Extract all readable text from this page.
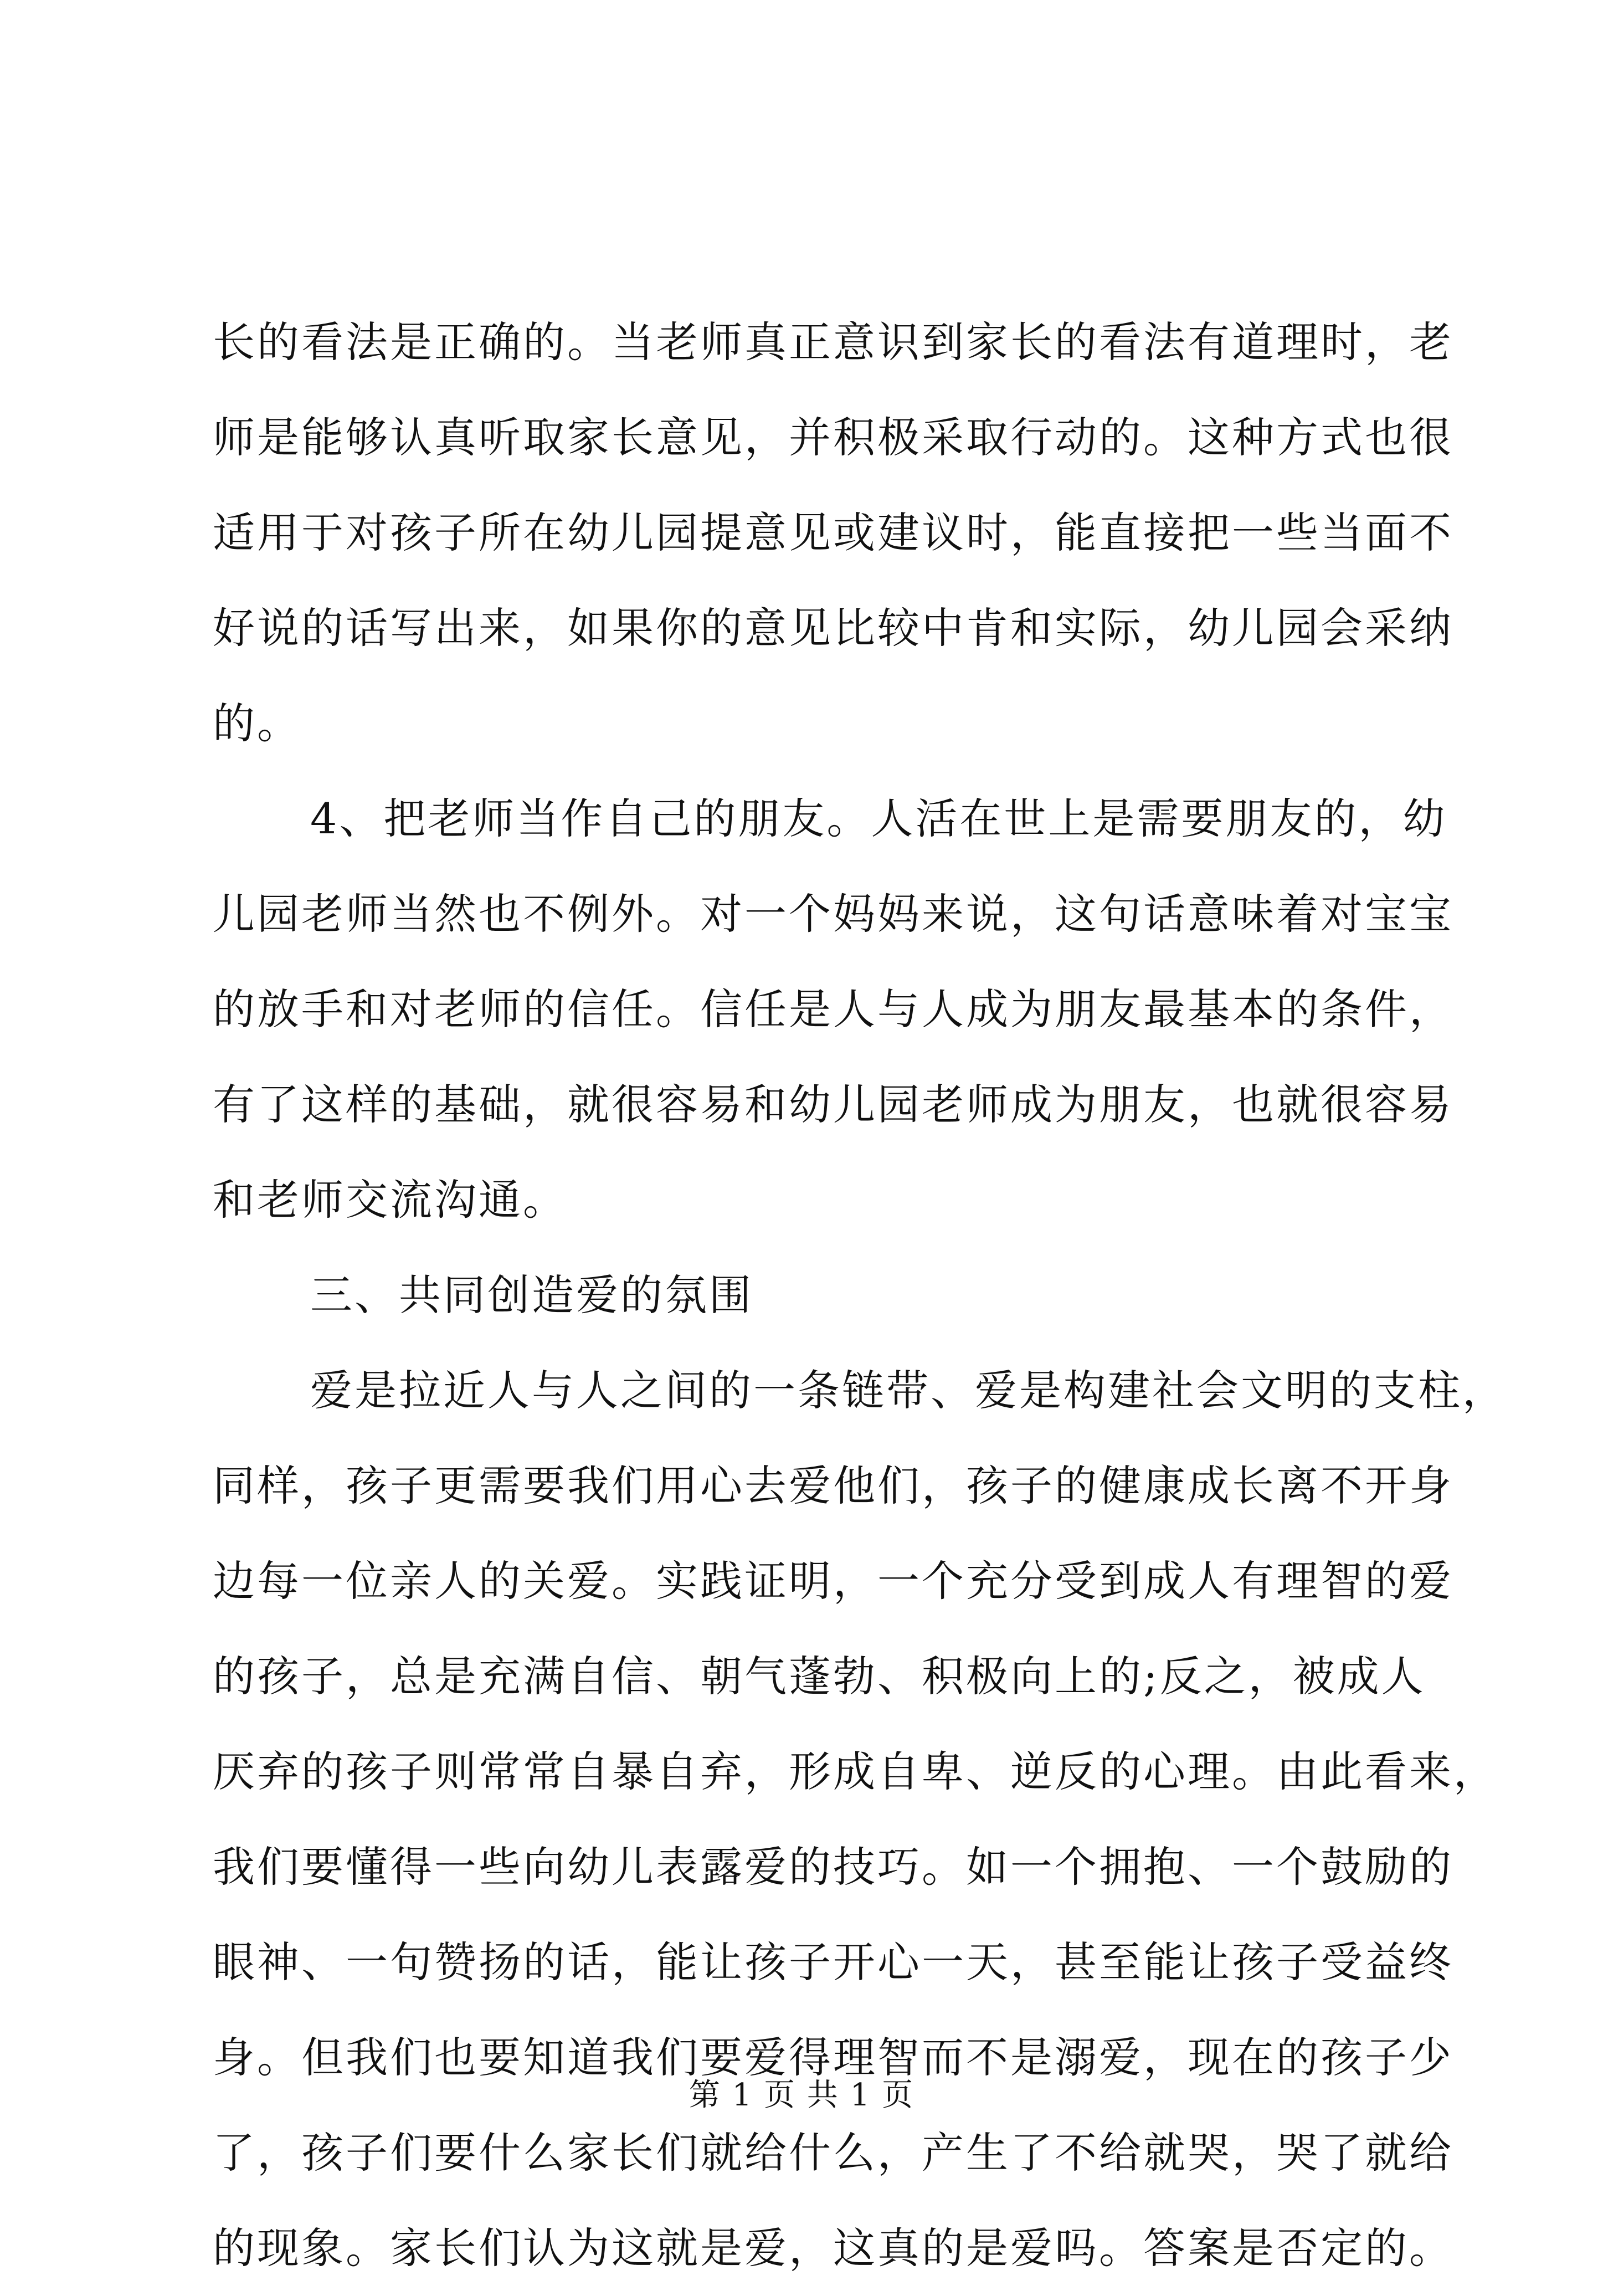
长的看法是正确的。当老师真正意识到家长的看法有道理时，老
师是能够认真听取家长意见，并积极采取行动的。这种方式也很
适用于对孩子所在幼儿园提意见或建议时，能直接把一些当面不
好说的话写出来，如果你的意见比较中肯和实际，幼儿园会采纳
的。
4、把老师当作自己的朋友。人活在世上是需要朋友的，幼
儿园老师当然也不例外。对一个妈妈来说，这句话意味着对宝宝
的放手和对老师的信任。信任是人与人成为朋友最基本的条件，
有了这样的基础，就很容易和幼儿园老师成为朋友，也就很容易
和老师交流沟通。
三、共同创造爱的氛围
爱是拉近人与人之间的一条链带、爱是构建社会文明的支柱，
同样，孩子更需要我们用心去爱他们，孩子的健康成长离不开身
边每一位亲人的关爱。实践证明，一个充分受到成人有理智的爱
的孩子，总是充满自信、朝气蓬勃、积极向上的;反之，被成人
厌弃的孩子则常常自暴自弃，形成自卑、逆反的心理。由此看来，
我们要懂得一些向幼儿表露爱的技巧。如一个拥抱、一个鼓励的
眼神、一句赞扬的话，能让孩子开心一天，甚至能让孩子受益终
身。但我们也要知道我们要爱得理智而不是溺爱，现在的孩子少
了，孩子们要什么家长们就给什么，产生了不给就哭，哭了就给
的现象。家长们认为这就是爱，这真的是爱吗。答案是否定的。
第 1 页 共 1 页
